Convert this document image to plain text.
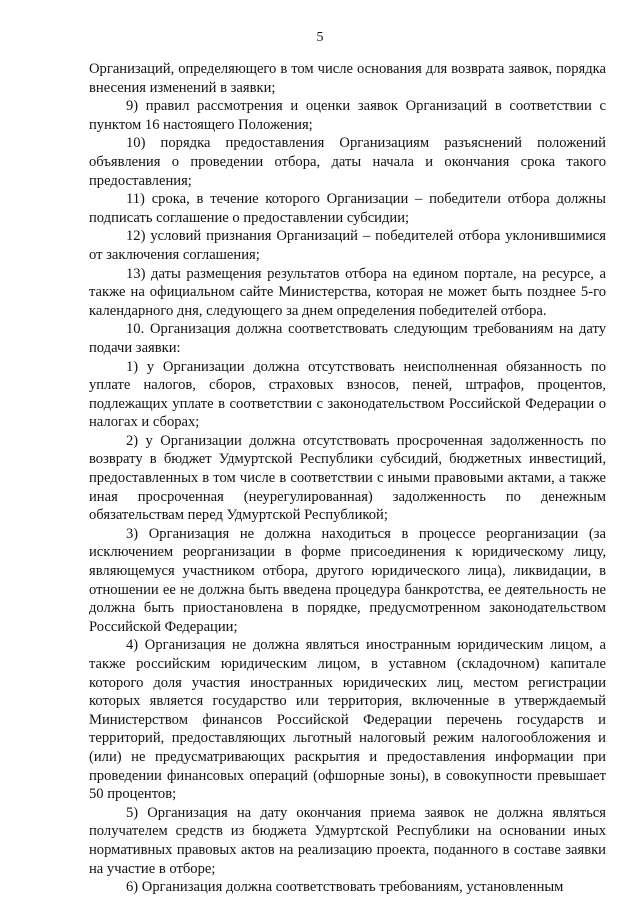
5

Организаций, определяющего в том числе основания для возврата заявок, порядка внесения изменений в заявки;

9) правил рассмотрения и оценки заявок Организаций в соответствии с пунктом 16 настоящего Положения;

10) порядка предоставления Организациям разъяснений положений объявления о проведении отбора, даты начала и окончания срока такого предоставления;

11) срока, в течение которого Организации – победители отбора должны подписать соглашение о предоставлении субсидии;

12) условий признания Организаций – победителей отбора уклонившимися от заключения соглашения;

13) даты размещения результатов отбора на едином портале, на ресурсе, а также на официальном сайте Министерства, которая не может быть позднее 5-го календарного дня, следующего за днем определения победителей отбора.

10. Организация должна соответствовать следующим требованиям на дату подачи заявки:

1) у Организации должна отсутствовать неисполненная обязанность по уплате налогов, сборов, страховых взносов, пеней, штрафов, процентов, подлежащих уплате в соответствии с законодательством Российской Федерации о налогах и сборах;

2) у Организации должна отсутствовать просроченная задолженность по возврату в бюджет Удмуртской Республики субсидий, бюджетных инвестиций, предоставленных в том числе в соответствии с иными правовыми актами, а также иная просроченная (неурегулированная) задолженность по денежным обязательствам перед Удмуртской Республикой;

3) Организация не должна находиться в процессе реорганизации (за исключением реорганизации в форме присоединения к юридическому лицу, являющемуся участником отбора, другого юридического лица), ликвидации, в отношении ее не должна быть введена процедура банкротства, ее деятельность не должна быть приостановлена в порядке, предусмотренном законодательством Российской Федерации;

4) Организация не должна являться иностранным юридическим лицом, а также российским юридическим лицом, в уставном (складочном) капитале которого доля участия иностранных юридических лиц, местом регистрации которых является государство или территория, включенные в утверждаемый Министерством финансов Российской Федерации перечень государств и территорий, предоставляющих льготный налоговый режим налогообложения и (или) не предусматривающих раскрытия и предоставления информации при проведении финансовых операций (офшорные зоны), в совокупности превышает 50 процентов;

5) Организация на дату окончания приема заявок не должна являться получателем средств из бюджета Удмуртской Республики на основании иных нормативных правовых актов на реализацию проекта, поданного в составе заявки на участие в отборе;

6) Организация должна соответствовать требованиям, установленным
